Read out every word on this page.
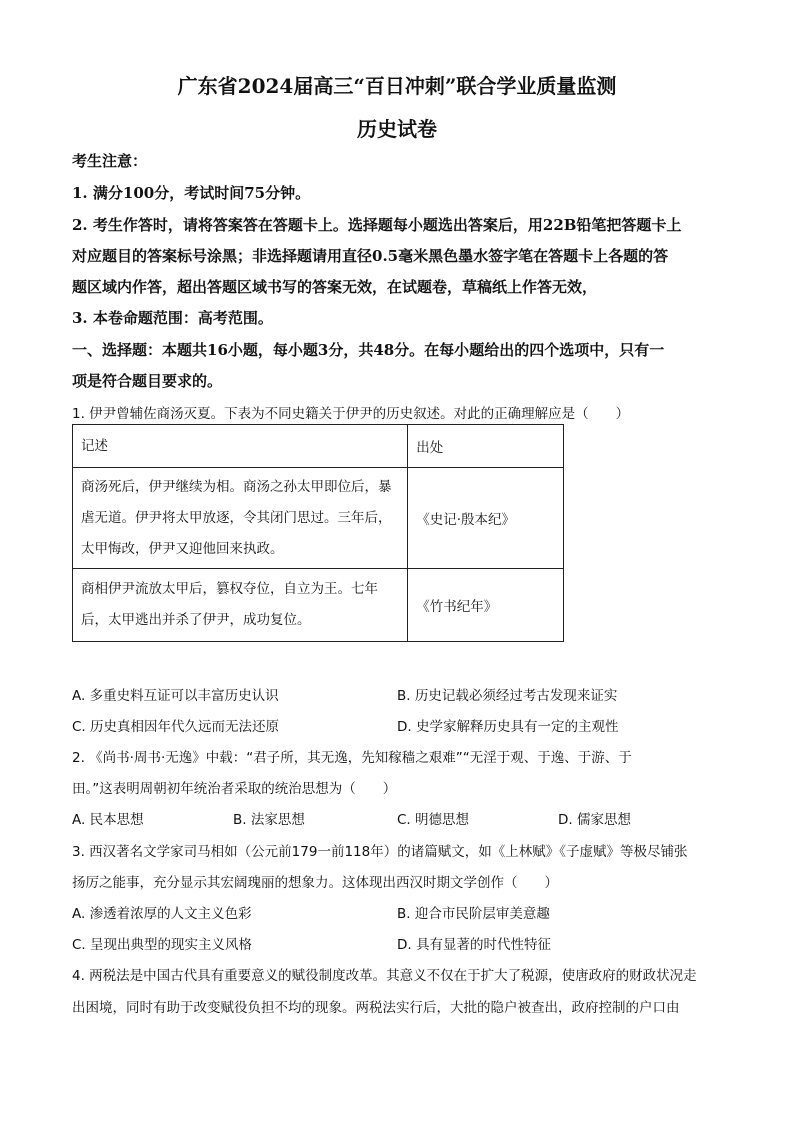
广东省2024届高三“百日冲刺”联合学业质量监测
历史试卷
考生注意：
1. 满分100分，考试时间75分钟。
2. 考生作答时，请将答案答在答题卡上。选择题每小题选出答案后，用22B铅笔把答题卡上
对应题目的答案标号涂黑；非选择题请用直径0.5毫米黑色墨水签字笔在答题卡上各题的答
题区域内作答，超出答题区域书写的答案无效，在试题卷，草稿纸上作答无效，
3. 本卷命题范围：高考范围。
一、选择题：本题共16小题，每小题3分，共48分。在每小题给出的四个选项中，只有一
项是符合题目要求的。
1. 伊尹曾辅佐商汤灭夏。下表为不同史籍关于伊尹的历史叙述。对此的正确理解应是（　　）
记述	出处

商汤死后，伊尹继续为相。商汤之孙太甲即位后，暴
虐无道。伊尹将太甲放逐，令其闭门思过。三年后，
太甲悔改，伊尹又迎他回来执政。	《史记·殷本纪》

商相伊尹流放太甲后，篡权夺位，自立为王。七年
后，太甲逃出并杀了伊尹，成功复位。	《竹书纪年》
A. 多重史料互证可以丰富历史认识	B. 历史记载必须经过考古发现来证实
C. 历史真相因年代久远而无法还原	D. 史学家解释历史具有一定的主观性
2. 《尚书·周书·无逸》中载：“君子所，其无逸，先知稼穑之艰难”“无淫于观、于逸、于游、于
田。”这表明周朝初年统治者采取的统治思想为（　　）
A. 民本思想	B. 法家思想	C. 明德思想	D. 儒家思想
3. 西汉著名文学家司马相如（公元前179一前118年）的诸篇赋文，如《上林赋》《子虚赋》等极尽铺张
扬厉之能事，充分显示其宏阔瑰丽的想象力。这体现出西汉时期文学创作（　　）
A. 渗透着浓厚的人文主义色彩	B. 迎合市民阶层审美意趣
C. 呈现出典型的现实主义风格	D. 具有显著的时代性特征
4. 两税法是中国古代具有重要意义的赋役制度改革。其意义不仅在于扩大了税源，使唐政府的财政状况走
出困境，同时有助于改变赋役负担不均的现象。两税法实行后，大批的隐户被查出，政府控制的户口由
